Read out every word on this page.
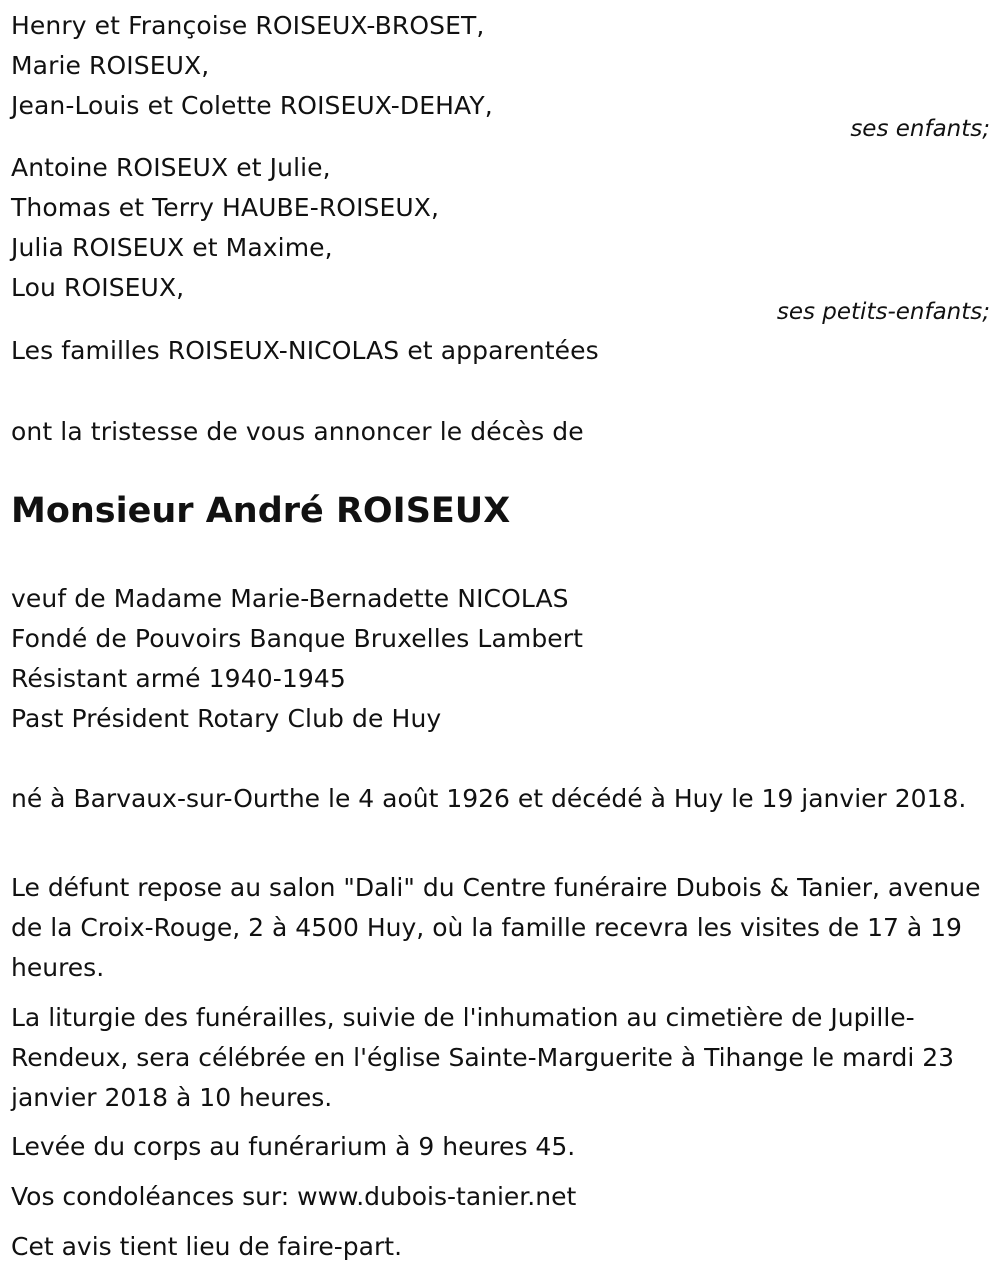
Henry et Françoise ROISEUX-BROSET,
Marie ROISEUX,
Jean-Louis et Colette ROISEUX-DEHAY,
ses enfants;
Antoine ROISEUX et Julie,
Thomas et Terry HAUBE-ROISEUX,
Julia ROISEUX et Maxime,
Lou ROISEUX,
ses petits-enfants;
Les familles ROISEUX-NICOLAS et apparentées
ont la tristesse de vous annoncer le décès de
Monsieur André ROISEUX
veuf de Madame Marie-Bernadette NICOLAS
Fondé de Pouvoirs Banque Bruxelles Lambert
Résistant armé 1940-1945
Past Président Rotary Club de Huy

né à Barvaux-sur-Ourthe le 4 août 1926 et décédé à Huy le 19 janvier 2018.

Le défunt repose au salon "Dali" du Centre funéraire Dubois & Tanier, avenue de la Croix-Rouge, 2 à 4500 Huy, où la famille recevra les visites de 17 à 19 heures.

La liturgie des funérailles, suivie de l'inhumation au cimetière de Jupille-Rendeux, sera célébrée en l'église Sainte-Marguerite à Tihange le mardi 23 janvier 2018 à 10 heures.

Levée du corps au funérarium à 9 heures 45.

Vos condoléances sur: www.dubois-tanier.net

Cet avis tient lieu de faire-part.
